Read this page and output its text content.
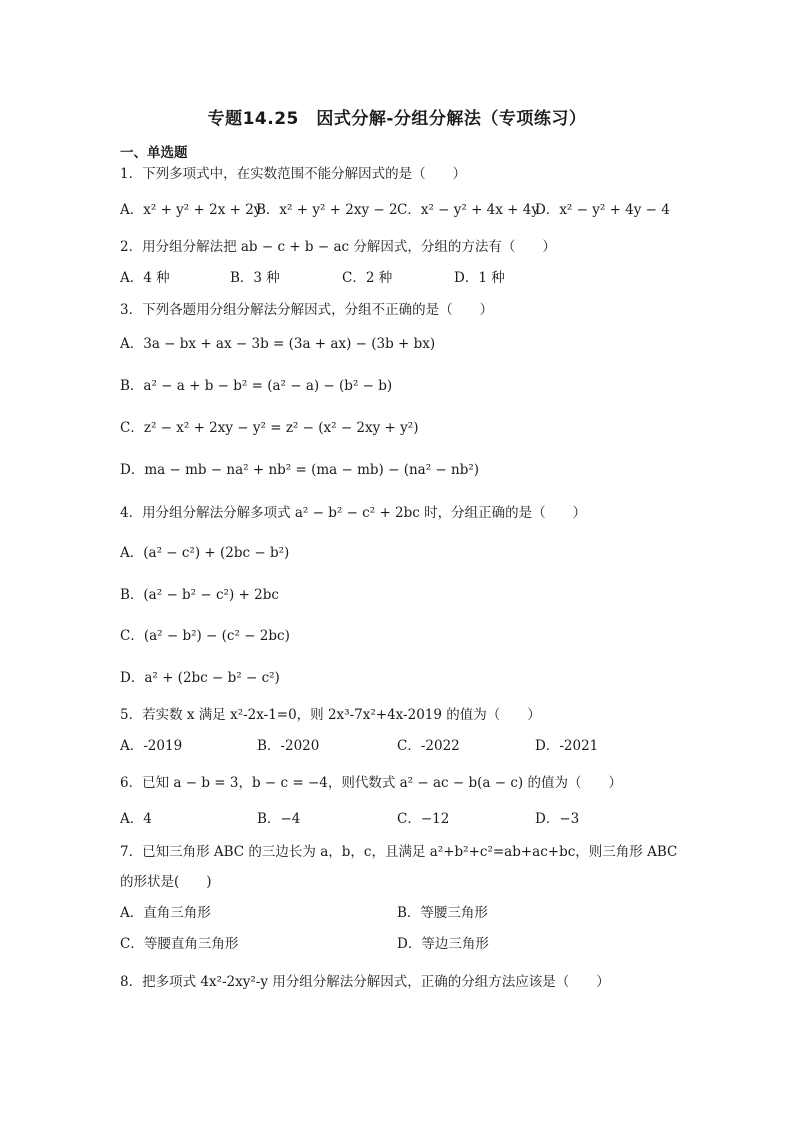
专题14.25　因式分解-分组分解法（专项练习）
一、单选题
1．下列多项式中，在实数范围不能分解因式的是（　　）
A．x² + y² + 2x + 2y
B．x² + y² + 2xy − 2 C．x² − y² + 4x + 4y
D．x² − y² + 4y − 4
2．用分组分解法把 ab − c + b − ac 分解因式，分组的方法有（　　）
A．4 种	B．3 种	C．2 种	D．1 种
3．下列各题用分组分解法分解因式，分组不正确的是（　　）
A．3a − bx + ax − 3b = (3a + ax) − (3b + bx)
B．a² − a + b − b² = (a² − a) − (b² − b)
C．z² − x² + 2xy − y² = z² − (x² − 2xy + y²)
D．ma − mb − na² + nb² = (ma − mb) − (na² − nb²)
4．用分组分解法分解多项式 a² − b² − c² + 2bc 时，分组正确的是（　　）
A．(a² − c²) + (2bc − b²)
B．(a² − b² − c²) + 2bc
C．(a² − b²) − (c² − 2bc)
D．a² + (2bc − b² − c²)
5．若实数 x 满足 x²-2x-1=0，则 2x³-7x²+4x-2019 的值为（　　）
A．-2019	B．-2020	C．-2022	D．-2021
6．已知 a − b = 3，b − c = −4，则代数式 a² − ac − b(a − c) 的值为（　　）
A．4	B．−4	C．−12	D．−3
7．已知三角形 ABC 的三边长为 a，b，c，且满足 a²+b²+c²=ab+ac+bc，则三角形 ABC
的形状是(　　)
A．直角三角形	B．等腰三角形
C．等腰直角三角形	D．等边三角形
8．把多项式 4x²-2xy²-y 用分组分解法分解因式，正确的分组方法应该是（　　）
